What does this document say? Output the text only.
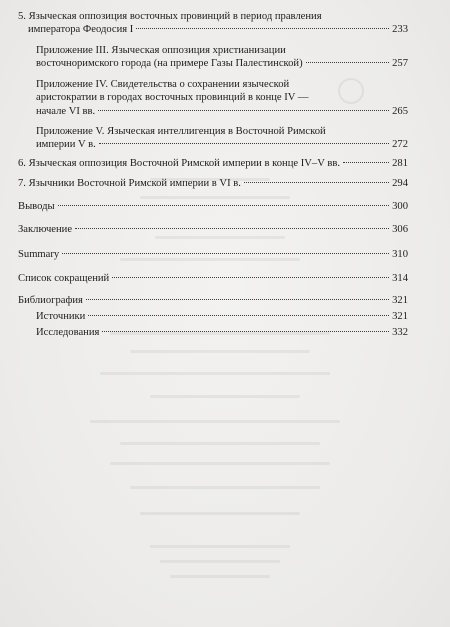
5. Языческая оппозиция восточных провинций в период правления
императора Феодосия I	233
Приложение III. Языческая оппозиция христианизации
восточноримского города (на примере Газы Палестинской)	257
Приложение IV. Свидетельства о сохранении языческой
аристократии в городах восточных провинций в конце IV —
начале VI вв.	265
Приложение V. Языческая интеллигенция в Восточной Римской
империи V в.	272
6. Языческая оппозиция Восточной Римской империи в конце IV–V вв.	281
7. Язычники Восточной Римской империи в VI в.	294
Выводы	300
Заключение	306
Summary	310
Список сокращений	314
Библиография	321
Источники	321
Исследования	332
